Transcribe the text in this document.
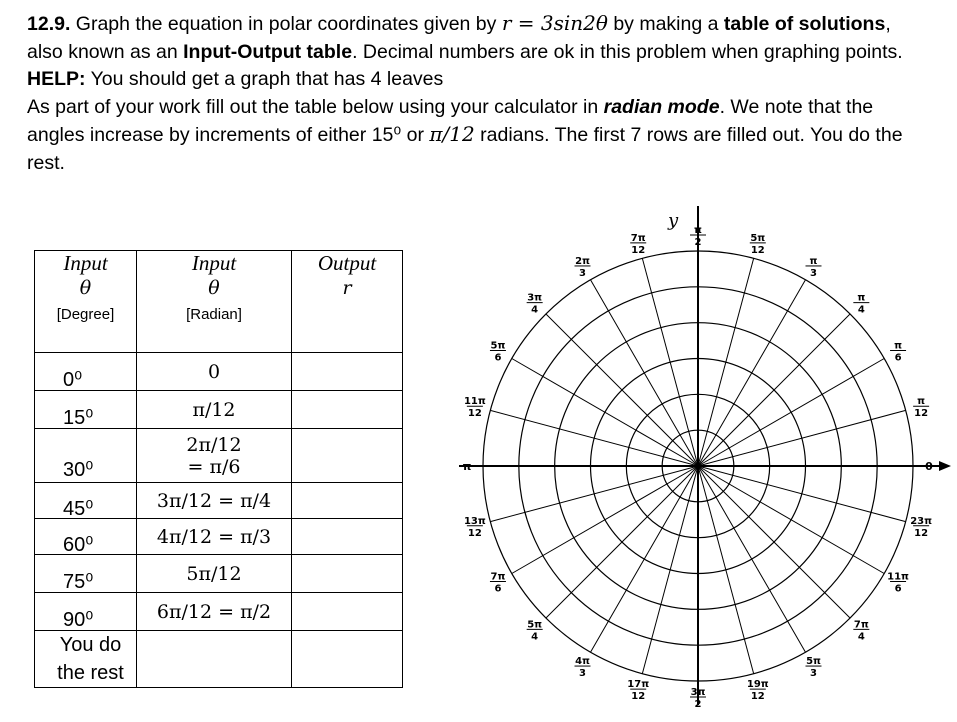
12.9. Graph the equation in polar coordinates given by r = 3sin2θ by making a table of solutions, also known as an Input-Output table. Decimal numbers are ok in this problem when graphing points.

HELP: You should get a graph that has 4 leaves

As part of your work fill out the table below using your calculator in radian mode. We note that the angles increase by increments of either 15⁰ or π/12 radians. The first 7 rows are filled out. You do the rest.

Input
θ
[Degree]	Input
θ
[Radian]	Output
r

0⁰	0	

15⁰	π/12	

30⁰	2π/12
= π/6	

45⁰	3π/12 = π/4	

60⁰	4π/12 = π/3	

75⁰	5π/12	

90⁰	6π/12 = π/2	

You do the rest		
y
π
12
π
6
π
4
π
3
5π
12
π
2
7π
12
2π
3
3π
4
5π
6
11π
12
π
13π
12
7π
6
5π
4
4π
3
17π
12	3π
2
19π
12
5π
3
7π
4
11π
6
23π
12
0
